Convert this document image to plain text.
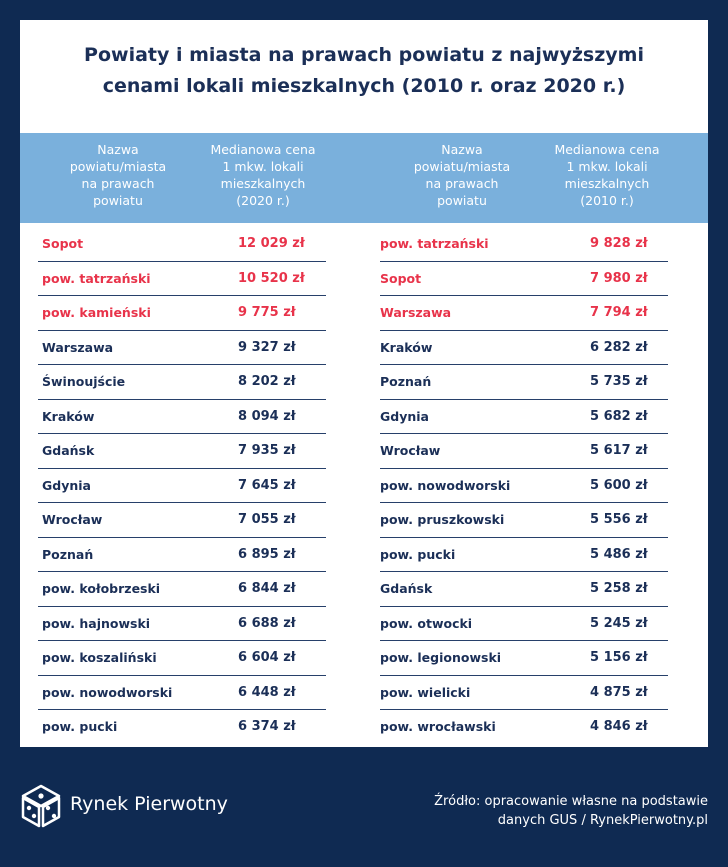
Powiaty i miasta na prawach powiatu z najwyższymi
cenami lokali mieszkalnych (2010 r. oraz 2020 r.)
Nazwa
powiatu/miasta
na prawach
powiatu
Medianowa cena
1 mkw. lokali
mieszkalnych
(2020 r.)
Nazwa
powiatu/miasta
na prawach
powiatu
Medianowa cena
1 mkw. lokali
mieszkalnych
(2010 r.)
Sopot	12 029 zł	pow. tatrzański	9 828 zł
pow. tatrzański	10 520 zł	Sopot	7 980 zł
pow. kamieński	9 775 zł	Warszawa	7 794 zł
Warszawa	9 327 zł	Kraków	6 282 zł
Świnoujście	8 202 zł	Poznań	5 735 zł
Kraków	8 094 zł	Gdynia	5 682 zł
Gdańsk	7 935 zł	Wrocław	5 617 zł
Gdynia	7 645 zł	pow. nowodworski	5 600 zł
Wrocław	7 055 zł	pow. pruszkowski	5 556 zł
Poznań	6 895 zł	pow. pucki	5 486 zł
pow. kołobrzeski	6 844 zł	Gdańsk	5 258 zł
pow. hajnowski	6 688 zł	pow. otwocki	5 245 zł
pow. koszaliński	6 604 zł	pow. legionowski	5 156 zł
pow. nowodworski	6 448 zł	pow. wielicki	4 875 zł
pow. pucki	6 374 zł	pow. wrocławski	4 846 zł
Rynek Pierwotny	Źródło: opracowanie własne na podstawie
danych GUS / RynekPierwotny.pl
